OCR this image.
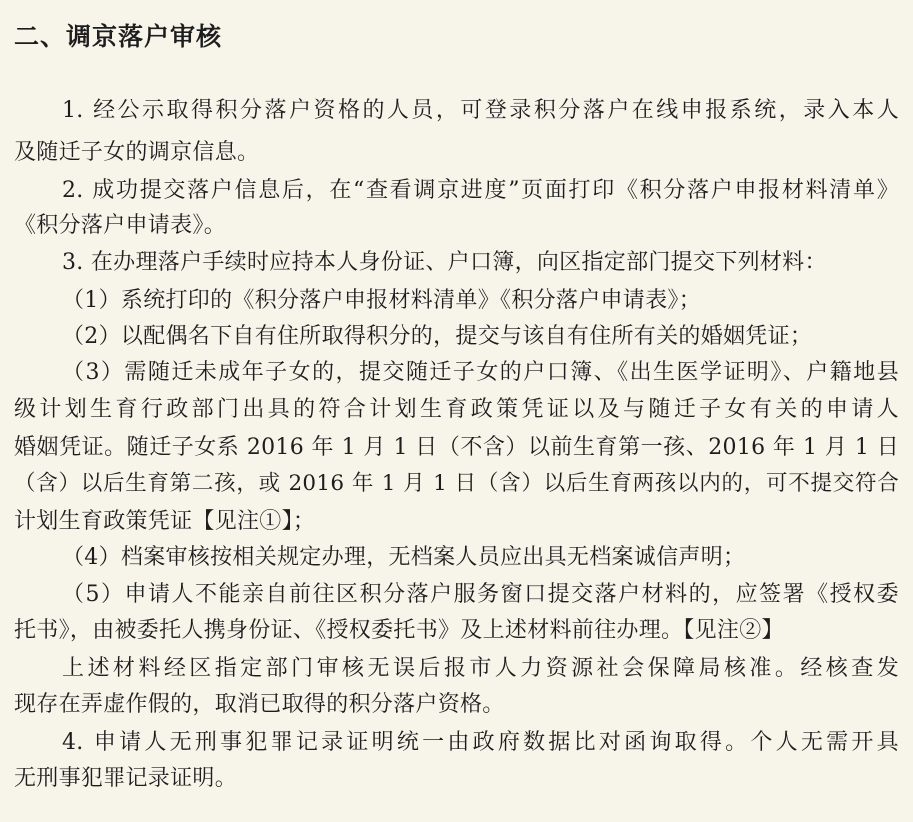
二、调京落户审核

1. 经公示取得积分落户资格的人员，可登录积分落户在线申报系统，录入本人

及随迁子女的调京信息。

2. 成功提交落户信息后，在“查看调京进度”页面打印《积分落户申报材料清单》

《积分落户申请表》。

3. 在办理落户手续时应持本人身份证、户口簿，向区指定部门提交下列材料：

（1）系统打印的《积分落户申报材料清单》《积分落户申请表》；

（2）以配偶名下自有住所取得积分的，提交与该自有住所有关的婚姻凭证；

（3）需随迁未成年子女的，提交随迁子女的户口簿、《出生医学证明》、户籍地县

级计划生育行政部门出具的符合计划生育政策凭证以及与随迁子女有关的申请人

婚姻凭证。随迁子女系 2016 年 1 月 1 日（不含）以前生育第一孩、2016 年 1 月 1 日

（含）以后生育第二孩，或 2016 年 1 月 1 日（含）以后生育两孩以内的，可不提交符合

计划生育政策凭证【见注①】；

（4）档案审核按相关规定办理，无档案人员应出具无档案诚信声明；

（5）申请人不能亲自前往区积分落户服务窗口提交落户材料的，应签署《授权委

托书》，由被委托人携身份证、《授权委托书》及上述材料前往办理。【见注②】

上述材料经区指定部门审核无误后报市人力资源社会保障局核准。经核查发

现存在弄虚作假的，取消已取得的积分落户资格。

4. 申请人无刑事犯罪记录证明统一由政府数据比对函询取得。个人无需开具

无刑事犯罪记录证明。
